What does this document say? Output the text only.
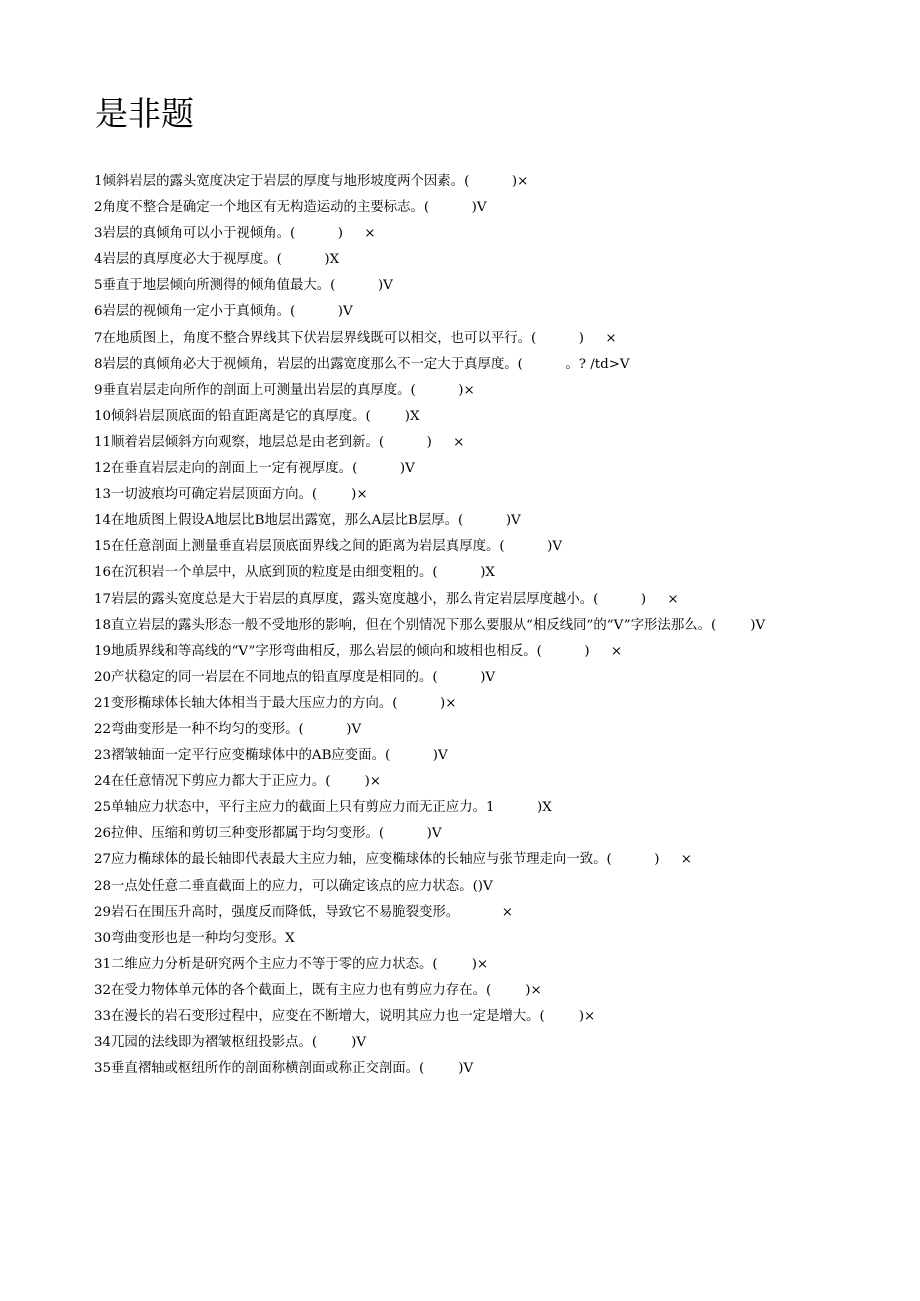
是非题
1倾斜岩层的露头宽度决定于岩层的厚度与地形坡度两个因素。(          )×
2角度不整合是确定一个地区有无构造运动的主要标志。(          )V
3岩层的真倾角可以小于视倾角。(          )     ×
4岩层的真厚度必大于视厚度。(          )X
5垂直于地层倾向所测得的倾角值最大。(          )V
6岩层的视倾角一定小于真倾角。(          )V
7在地质图上，角度不整合界线其下伏岩层界线既可以相交，也可以平行。(          )     ×
8岩层的真倾角必大于视倾角，岩层的出露宽度那么不一定大于真厚度。(          。? /td>V
9垂直岩层走向所作的剖面上可测量出岩层的真厚度。(          )×
10倾斜岩层顶底面的铅直距离是它的真厚度。(        )X
11顺着岩层倾斜方向观察，地层总是由老到新。(          )     ×
12在垂直岩层走向的剖面上一定有视厚度。(          )V
13一切波痕均可确定岩层顶面方向。(        )×
14在地质图上假设A地层比B地层出露宽，那么A层比B层厚。(          )V
15在任意剖面上测量垂直岩层顶底面界线之间的距离为岩层真厚度。(          )V
16在沉积岩一个单层中，从底到顶的粒度是由细变粗的。(          )X
17岩层的露头宽度总是大于岩层的真厚度，露头宽度越小，那么肯定岩层厚度越小。(          )     ×
18直立岩层的露头形态一般不受地形的影响，但在个别情况下那么要服从“相反线同”的“V”字形法那么。(        )V
19地质界线和等高线的“V”字形弯曲相反，那么岩层的倾向和坡相也相反。(          )     ×
20产状稳定的同一岩层在不同地点的铅直厚度是相同的。(          )V
21变形椭球体长轴大体相当于最大压应力的方向。(          )×
22弯曲变形是一种不均匀的变形。(          )V
23褶皱轴面一定平行应变椭球体中的AB应变面。(          )V
24在任意情况下剪应力都大于正应力。(        )×
25单轴应力状态中，平行主应力的截面上只有剪应力而无正应力。1          )X
26拉伸、压缩和剪切三种变形都属于均匀变形。(          )V
27应力椭球体的最长轴即代表最大主应力轴，应变椭球体的长轴应与张节理走向一致。(          )     ×
28一点处任意二垂直截面上的应力，可以确定该点的应力状态。()V
29岩石在围压升高时，强度反而降低，导致它不易脆裂变形。          ×
30弯曲变形也是一种均匀变形。X
31二维应力分析是研究两个主应力不等于零的应力状态。(        )×
32在受力物体单元体的各个截面上，既有主应力也有剪应力存在。(        )×
33在漫长的岩石变形过程中，应变在不断增大，说明其应力也一定是增大。(        )×
34兀园的法线即为褶皱枢纽投影点。(        )V
35垂直褶轴或枢纽所作的剖面称横剖面或称正交剖面。(        )V
